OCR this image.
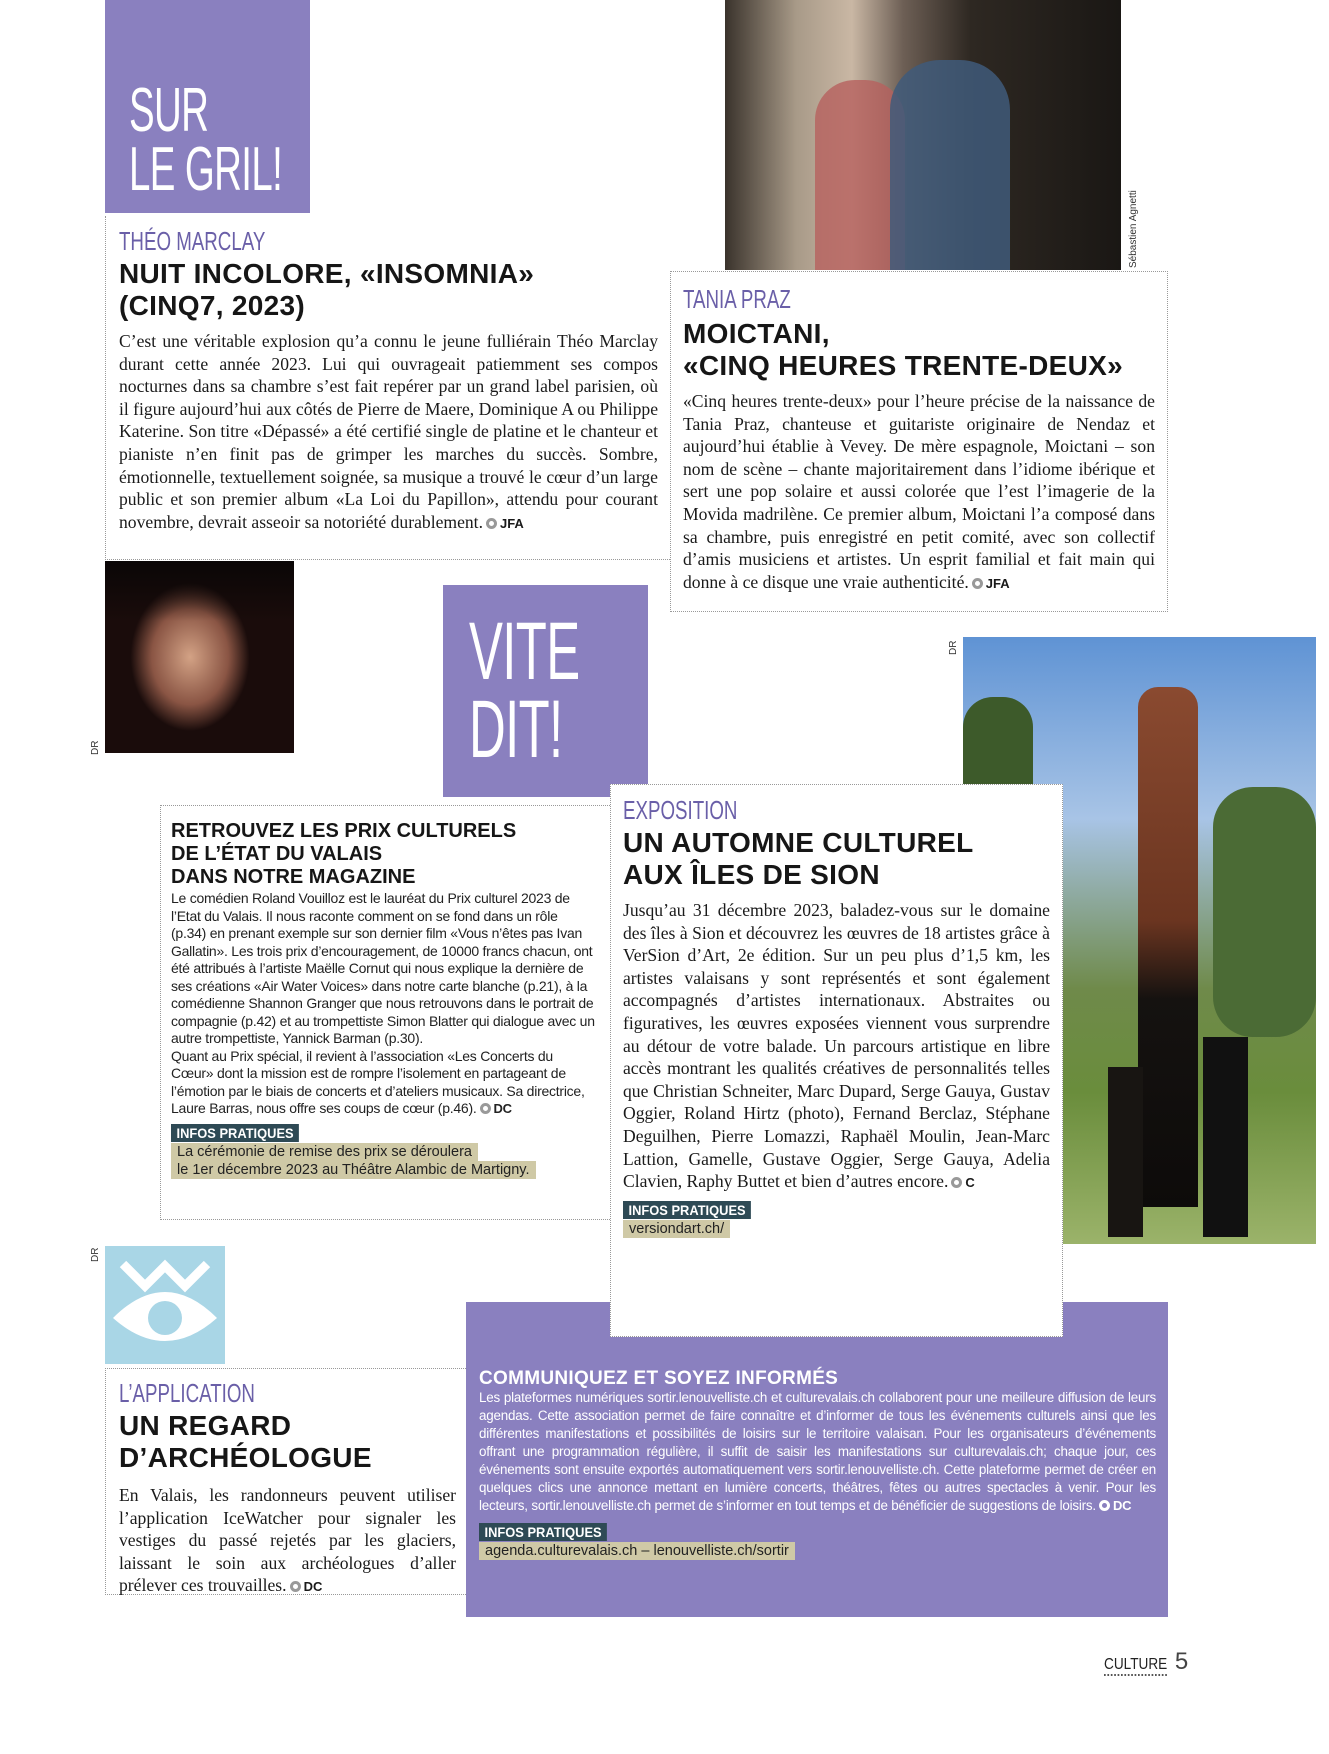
SUR
LE GRIL!
Sébastien Agnetti
THÉO MARCLAY
NUIT INCOLORE, «INSOMNIA» (CINQ7, 2023)

C’est une véritable explosion qu’a connu le jeune fulliérain Théo Marclay durant cette année 2023. Lui qui ouvrageait patiemment ses compos nocturnes dans sa chambre s’est fait repérer par un grand label parisien, où il figure aujourd’hui aux côtés de Pierre de Maere, Dominique A ou Philippe Katerine. Son titre «Dépassé» a été certifié single de platine et le chanteur et pianiste n’en finit pas de grimper les marches du succès. Sombre, émotionnelle, textuellement soignée, sa musique a trouvé le cœur d’un large public et son premier album «La Loi du Papillon», attendu pour courant novembre, devrait asseoir sa notoriété durablement. JFA

TANIA PRAZ
MOICTANI,
«CINQ HEURES TRENTE-DEUX»

«Cinq heures trente-deux» pour l’heure précise de la naissance de Tania Praz, chanteuse et guitariste originaire de Nendaz et aujourd’hui établie à Vevey. De mère espagnole, Moictani – son nom de scène – chante majoritairement dans l’idiome ibérique et sert une pop solaire et aussi colorée que l’est l’imagerie de la Movida madrilène. Ce premier album, Moictani l’a composé dans sa chambre, puis enregistré en petit comité, avec son collectif d’amis musiciens et artistes. Un esprit familial et fait main qui donne à ce disque une vraie authenticité. JFA

DR
VITE
DIT!
DR
RETROUVEZ LES PRIX CULTURELS
DE L’ÉTAT DU VALAIS
DANS NOTRE MAGAZINE

Le comédien Roland Vouilloz est le lauréat du Prix culturel 2023 de l’Etat du Valais. Il nous raconte comment on se fond dans un rôle (p.34) en prenant exemple sur son dernier film «Vous n’êtes pas Ivan Gallatin». Les trois prix d’encouragement, de 10000 francs chacun, ont été attribués à l’artiste Maëlle Cornut qui nous explique la dernière de ses créations «Air Water Voices» dans notre carte blanche (p.21), à la comédienne Shannon Granger que nous retrouvons dans le portrait de compagnie (p.42) et au trompettiste Simon Blatter qui dialogue avec un autre trompettiste, Yannick Barman (p.30).

Quant au Prix spécial, il revient à l’association «Les Concerts du Cœur» dont la mission est de rompre l’isolement en partageant de l’émotion par le biais de concerts et d’ateliers musicaux. Sa directrice, Laure Barras, nous offre ses coups de cœur (p.46). DC

INFOS PRATIQUES
La cérémonie de remise des prix se déroulera
le 1er décembre 2023 au Théâtre Alambic de Martigny.
EXPOSITION
UN AUTOMNE CULTUREL
AUX ÎLES DE SION

Jusqu’au 31 décembre 2023, baladez-vous sur le domaine des îles à Sion et découvrez les œuvres de 18 artistes grâce à VerSion d’Art, 2e édition. Sur un peu plus d’1,5 km, les artistes valaisans y sont représentés et sont également accompagnés d’artistes internationaux. Abstraites ou figuratives, les œuvres exposées viennent vous surprendre au détour de votre balade. Un parcours artistique en libre accès montrant les qualités créatives de personnalités telles que Christian Schneiter, Marc Dupard, Serge Gauya, Gustav Oggier, Roland Hirtz (photo), Fernand Berclaz, Stéphane Deguilhen, Pierre Lomazzi, Raphaël Moulin, Jean-Marc Lattion, Gamelle, Gustave Oggier, Serge Gauya, Adelia Clavien, Raphy Buttet et bien d’autres encore. C

INFOS PRATIQUES
versiondart.ch/
DR
L’APPLICATION
UN REGARD
D’ARCHÉOLOGUE

En Valais, les randonneurs peuvent utiliser l’application IceWatcher pour signaler les vestiges du passé rejetés par les glaciers, laissant le soin aux archéologues d’aller prélever ces trouvailles. DC

COMMUNIQUEZ ET SOYEZ INFORMÉS

Les plateformes numériques sortir.lenouvelliste.ch et culturevalais.ch collaborent pour une meilleure diffusion de leurs agendas. Cette association permet de faire connaître et d’informer de tous les événements culturels ainsi que les différentes manifestations et possibilités de loisirs sur le territoire valaisan. Pour les organisateurs d’événements offrant une programmation régulière, il suffit de saisir les manifestations sur culturevalais.ch; chaque jour, ces événements sont ensuite exportés automatiquement vers sortir.lenouvelliste.ch. Cette plateforme permet de créer en quelques clics une annonce mettant en lumière concerts, théâtres, fêtes ou autres spectacles à venir. Pour les lecteurs, sortir.lenouvelliste.ch permet de s’informer en tout temps et de bénéficier de suggestions de loisirs. DC

INFOS PRATIQUES
agenda.culturevalais.ch – lenouvelliste.ch/sortir
CULTURE 5
